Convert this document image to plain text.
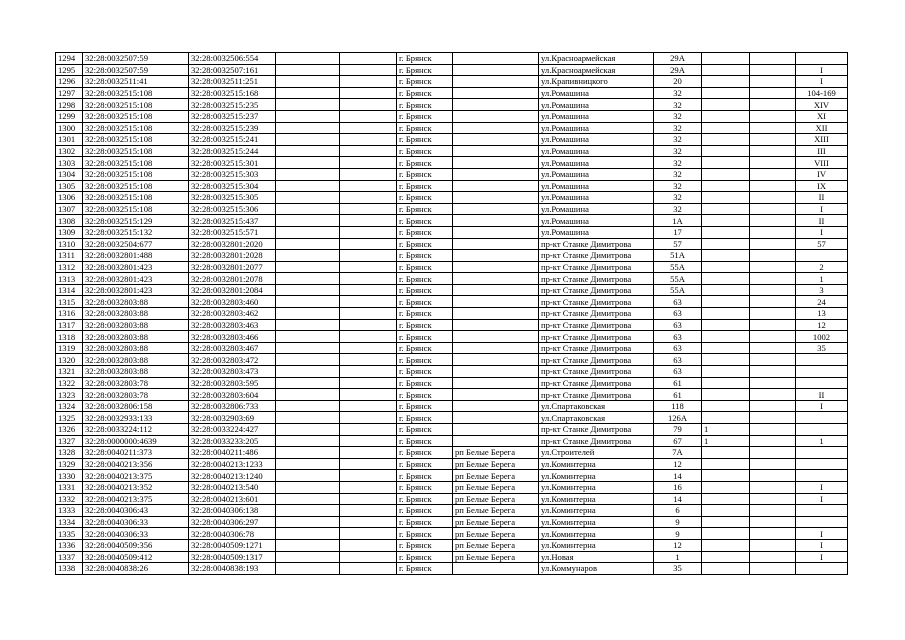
1294	32:28:0032507:59	32:28:0032506:554			г. Брянск		ул.Красноармейская	29А			
1295	32:28:0032507:59	32:28:0032507:161			г. Брянск		ул.Красноармейская	29А			I
1296	32:28:0032511:41	32:28:0032511:251			г. Брянск		ул.Крапивницкого	20			I
1297	32:28:0032515:108	32:28:0032515:168			г. Брянск		ул.Ромашина	32			104-169
1298	32:28:0032515:108	32:28:0032515:235			г. Брянск		ул.Ромашина	32			XIV
1299	32:28:0032515:108	32:28:0032515:237			г. Брянск		ул.Ромашина	32			XI
1300	32:28:0032515:108	32:28:0032515:239			г. Брянск		ул.Ромашина	32			XII
1301	32:28:0032515:108	32:28:0032515:241			г. Брянск		ул.Ромашина	32			XIII
1302	32:28:0032515:108	32:28:0032515:244			г. Брянск		ул.Ромашина	32			III
1303	32:28:0032515:108	32:28:0032515:301			г. Брянск		ул.Ромашина	32			VIII
1304	32:28:0032515:108	32:28:0032515:303			г. Брянск		ул.Ромашина	32			IV
1305	32:28:0032515:108	32:28:0032515:304			г. Брянск		ул.Ромашина	32			IX
1306	32:28:0032515:108	32:28:0032515:305			г. Брянск		ул.Ромашина	32			II
1307	32:28:0032515:108	32:28:0032515:306			г. Брянск		ул.Ромашина	32			I
1308	32:28:0032515:129	32:28:0032515:437			г. Брянск		ул.Ромашина	1А			II
1309	32:28:0032515:132	32:28:0032515:571			г. Брянск		ул.Ромашина	17			I
1310	32:28:0032504:677	32:28:0032801:2020			г. Брянск		пр-кт Станке Димитрова	57			57
1311	32:28:0032801:488	32:28:0032801:2028			г. Брянск		пр-кт Станке Димитрова	51А			
1312	32:28:0032801:423	32:28:0032801:2077			г. Брянск		пр-кт Станке Димитрова	55А			2
1313	32:28:0032801:423	32:28:0032801:2078			г. Брянск		пр-кт Станке Димитрова	55А			1
1314	32:28:0032801:423	32:28:0032801:2084			г. Брянск		пр-кт Станке Димитрова	55А			3
1315	32:28:0032803:88	32:28:0032803:460			г. Брянск		пр-кт Станке Димитрова	63			24
1316	32:28:0032803:88	32:28:0032803:462			г. Брянск		пр-кт Станке Димитрова	63			13
1317	32:28:0032803:88	32:28:0032803:463			г. Брянск		пр-кт Станке Димитрова	63			12
1318	32:28:0032803:88	32:28:0032803:466			г. Брянск		пр-кт Станке Димитрова	63			1002
1319	32:28:0032803:88	32:28:0032803:467			г. Брянск		пр-кт Станке Димитрова	63			35
1320	32:28:0032803:88	32:28:0032803:472			г. Брянск		пр-кт Станке Димитрова	63			
1321	32:28:0032803:88	32:28:0032803:473			г. Брянск		пр-кт Станке Димитрова	63			
1322	32:28:0032803:78	32:28:0032803:595			г. Брянск		пр-кт Станке Димитрова	61			
1323	32:28:0032803:78	32:28:0032803:604			г. Брянск		пр-кт Станке Димитрова	61			II
1324	32:28:0032806:158	32:28:0032806:733			г. Брянск		ул.Спартаковская	118			I
1325	32:28:0032933:133	32:28:0032903:69			г. Брянск		ул.Спартаковская	126А			
1326	32:28:0033224:112	32:28:0033224:427			г. Брянск		пр-кт Станке Димитрова	79	1		
1327	32:28:0000000:4639	32:28:0033233:205			г. Брянск		пр-кт Станке Димитрова	67	1		1
1328	32:28:0040211:373	32:28:0040211:486			г. Брянск	рп Белые Берега	ул.Строителей	7А			
1329	32:28:0040213:356	32:28:0040213:1233			г. Брянск	рп Белые Берега	ул.Коминтерна	12			
1330	32:28:0040213:375	32:28:0040213:1240			г. Брянск	рп Белые Берега	ул.Коминтерна	14			
1331	32:28:0040213:352	32:28:0040213:540			г. Брянск	рп Белые Берега	ул.Коминтерна	16			I
1332	32:28:0040213:375	32:28:0040213:601			г. Брянск	рп Белые Берега	ул.Коминтерна	14			I
1333	32:28:0040306:43	32:28:0040306:138			г. Брянск	рп Белые Берега	ул.Коминтерна	6			
1334	32:28:0040306:33	32:28:0040306:297			г. Брянск	рп Белые Берега	ул.Коминтерна	9			
1335	32:28:0040306:33	32:28:0040306:78			г. Брянск	рп Белые Берега	ул.Коминтерна	9			I
1336	32:28:0040509:356	32:28:0040509:1271			г. Брянск	рп Белые Берега	ул.Коминтерна	12			I
1337	32:28:0040509:412	32:28:0040509:1317			г. Брянск	рп Белые Берега	ул.Новая	1			I
1338	32:28:0040838:26	32:28:0040838:193			г. Брянск		ул.Коммунаров	35			
